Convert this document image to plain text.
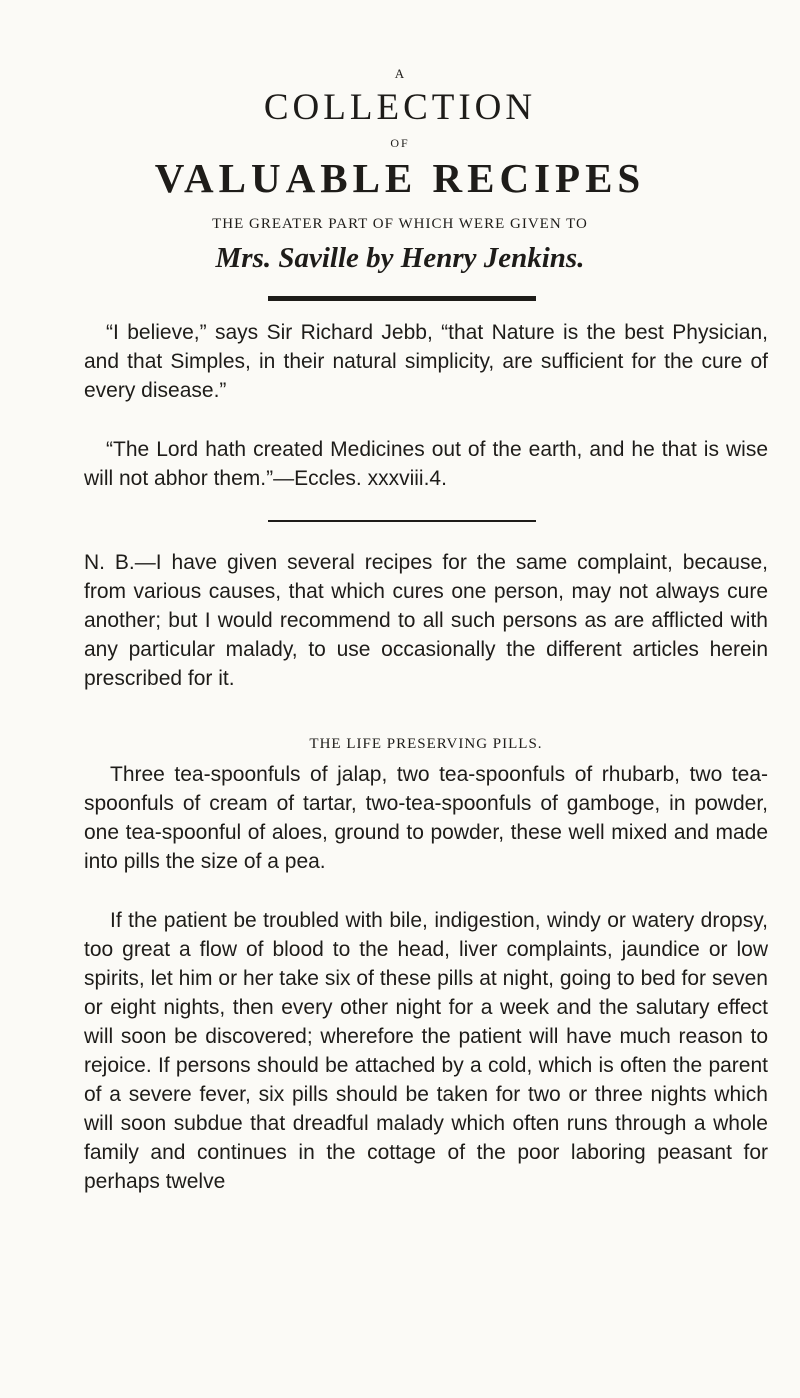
A
COLLECTION
OF
VALUABLE RECIPES
THE GREATER PART OF WHICH WERE GIVEN TO
Mrs. Saville by Henry Jenkins.

“I believe,” says Sir Richard Jebb, “that Nature is the best Physician, and that Simples, in their natural simplicity, are sufficient for the cure of every disease.”

“The Lord hath created Medicines out of the earth, and he that is wise will not abhor them.”—Eccles. xxxviii.4.

N. B.—I have given several recipes for the same complaint, because, from various causes, that which cures one person, may not always cure another; but I would recommend to all such persons as are afflicted with any particular malady, to use occasionally the different articles herein prescribed for it.

THE LIFE PRESERVING PILLS.

Three tea-spoonfuls of jalap, two tea-spoonfuls of rhubarb, two tea-spoonfuls of cream of tartar, two-tea-spoonfuls of gamboge, in powder, one tea-spoonful of aloes, ground to powder, these well mixed and made into pills the size of a pea.

If the patient be troubled with bile, indigestion, windy or watery dropsy, too great a flow of blood to the head, liver complaints, jaundice or low spirits, let him or her take six of these pills at night, going to bed for seven or eight nights, then every other night for a week and the salutary effect will soon be discovered; wherefore the patient will have much reason to rejoice. If persons should be attached by a cold, which is often the parent of a severe fever, six pills should be taken for two or three nights which will soon subdue that dreadful malady which often runs through a whole family and continues in the cottage of the poor laboring peasant for perhaps twelve
